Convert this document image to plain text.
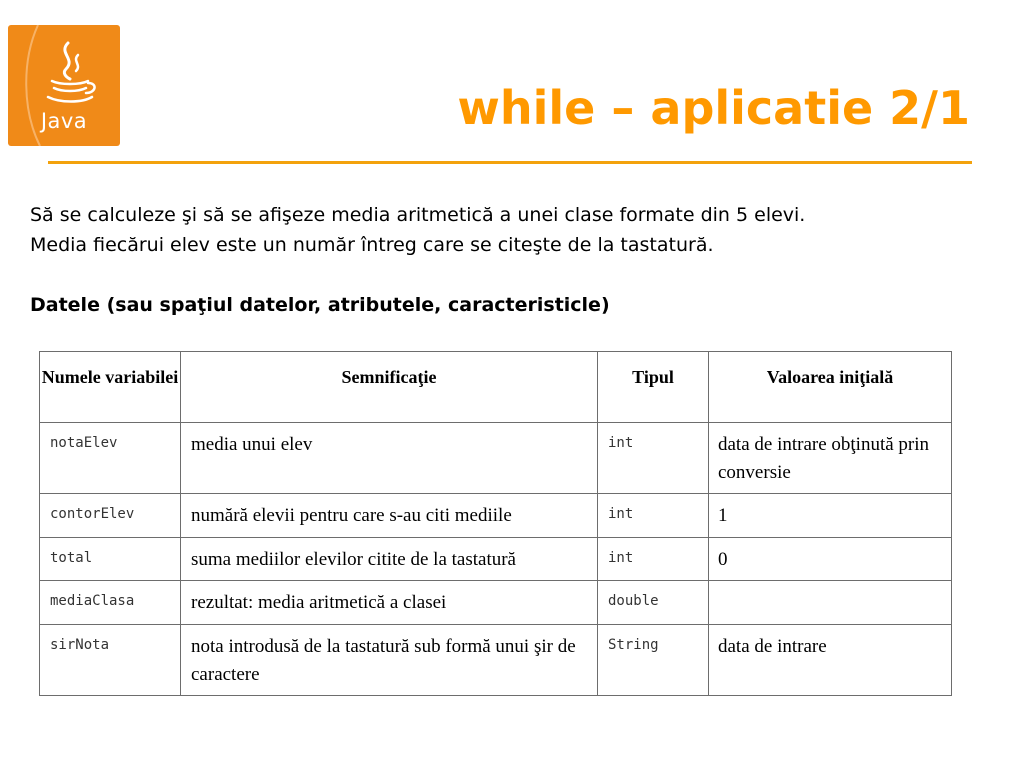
Java	while – aplicatie 2/1

Să se calculeze şi să se afişeze media aritmetică a unei clase formate din 5 elevi.

Media fiecărui elev este un număr întreg care se citeşte de la tastatură.

Datele (sau spaţiul datelor, atributele, caracteristicle)

Numele variabilei	Semnificaţie	Tipul	Valoarea iniţială
notaElev	media unui elev	int	data de intrare obţinută prin conversie
contorElev	numără elevii pentru care s-au citi mediile	int	1
total	suma mediilor elevilor citite de la tastatură	int	0
mediaClasa	rezultat: media aritmetică a clasei	double	
sirNota	nota introdusă de la tastatură sub formă unui şir de caractere	String	data de intrare
